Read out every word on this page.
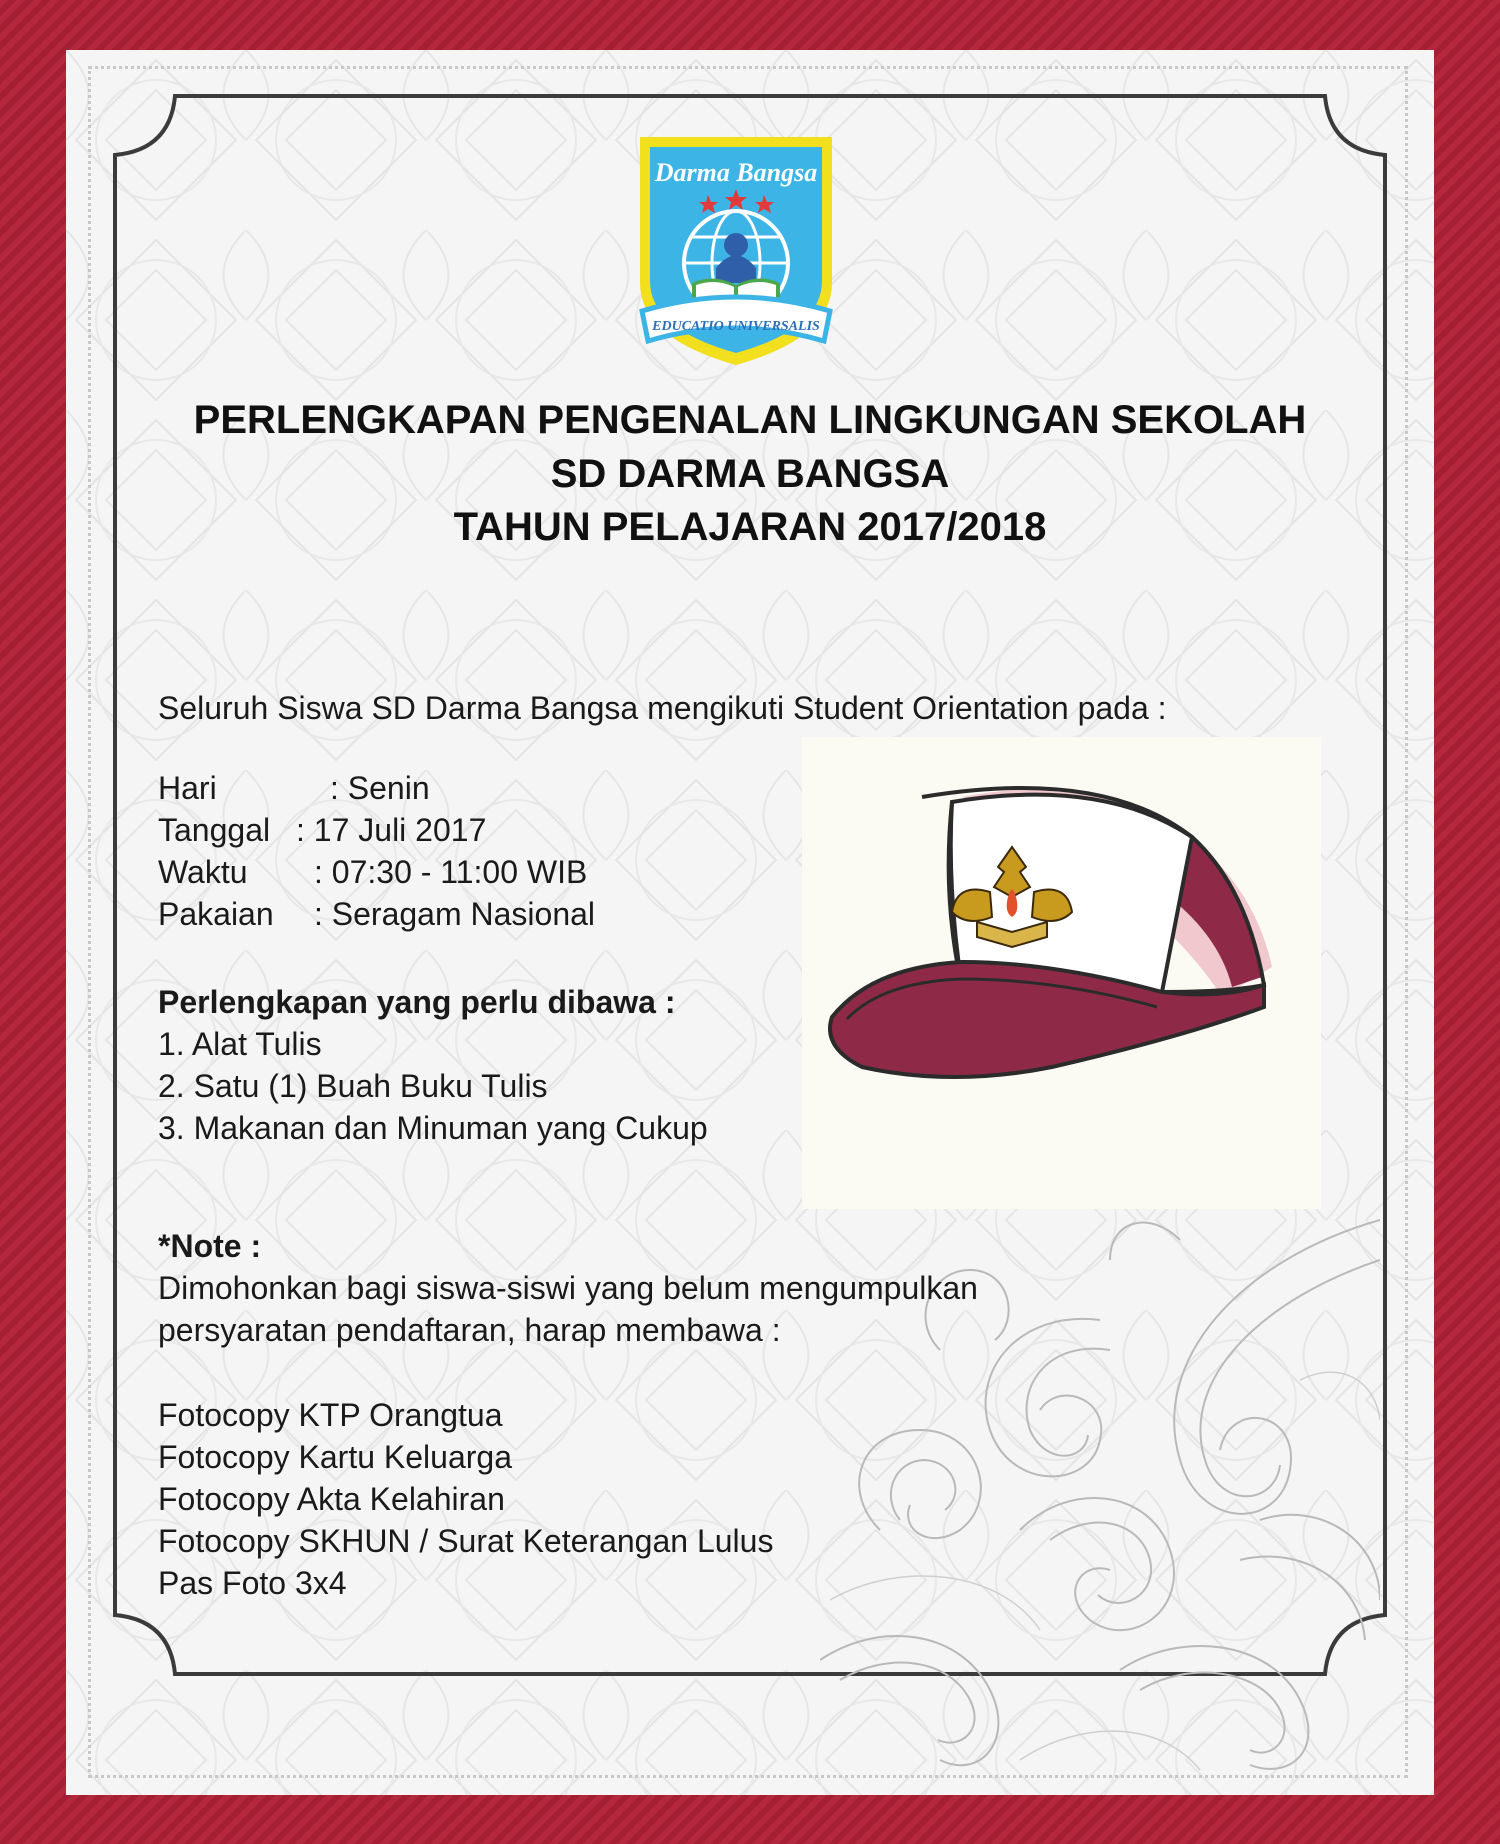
Darma Bangsa
EDUCATIO UNIVERSALIS
PERLENGKAPAN PENGENALAN LINGKUNGAN SEKOLAH
SD DARMA BANGSA
TAHUN PELAJARAN 2017/2018

Seluruh Siswa SD Darma Bangsa mengikuti Student Orientation pada :

Hari	: Senin

Tanggal : 17 Juli 2017

Waktu : 07:30 - 11:00 WIB

Pakaian : Seragam Nasional

Perlengkapan yang perlu dibawa :

1. Alat Tulis

2. Satu (1) Buah Buku Tulis

3. Makanan dan Minuman yang Cukup

*Note :

Dimohonkan bagi siswa-siswi yang belum mengumpulkan

persyaratan pendaftaran, harap membawa :

Fotocopy KTP Orangtua

Fotocopy Kartu Keluarga

Fotocopy Akta Kelahiran

Fotocopy SKHUN / Surat Keterangan Lulus

Pas Foto 3x4
